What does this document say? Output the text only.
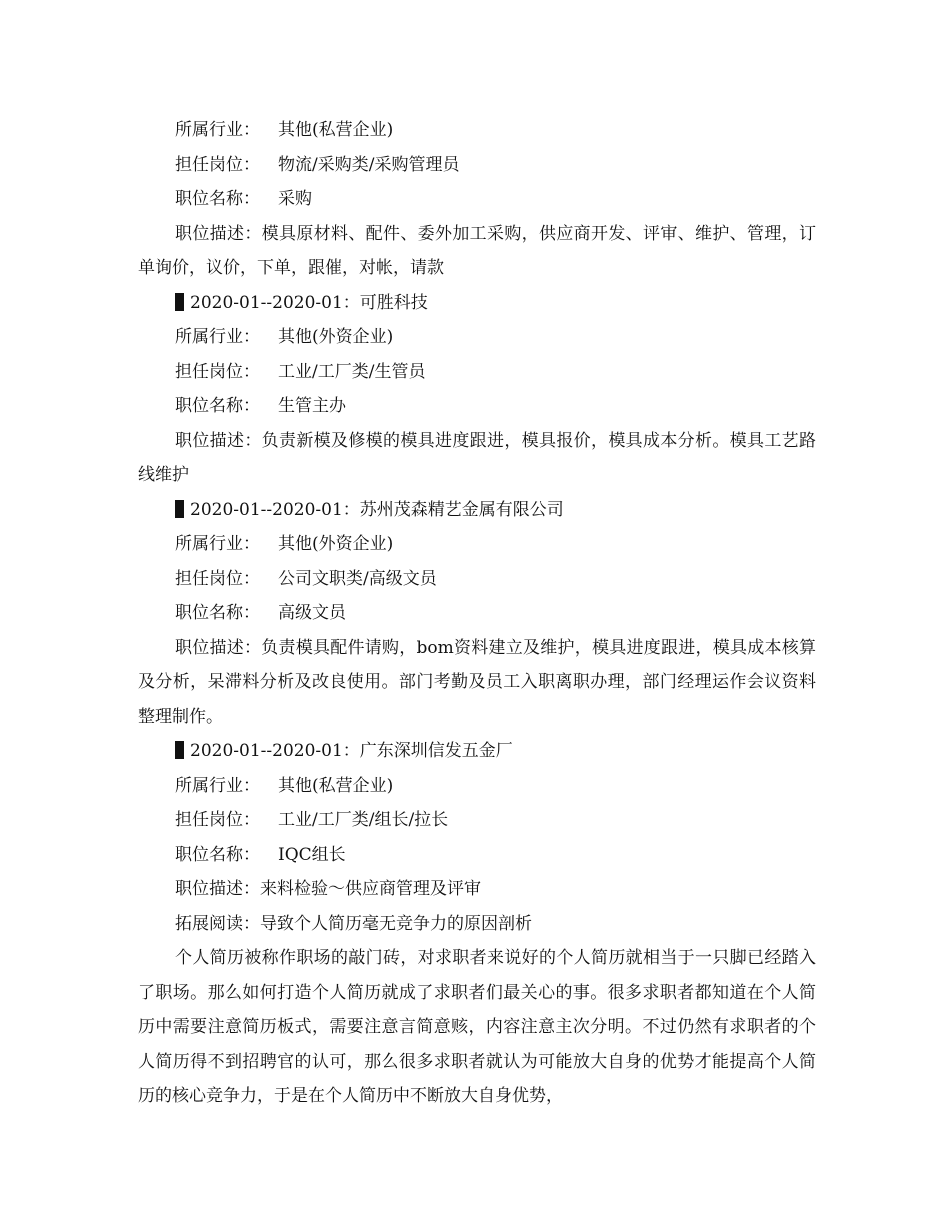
所属行业： 其他(私营企业)
担任岗位： 物流/采购类/采购管理员
职位名称： 采购

职位描述：模具原材料、配件、委外加工采购，供应商开发、评审、维护、管理，订单询价，议价，下单，跟催，对帐，请款

2020-01--2020-01：可胜科技
所属行业： 其他(外资企业)
担任岗位： 工业/工厂类/生管员
职位名称： 生管主办

职位描述：负责新模及修模的模具进度跟进，模具报价，模具成本分析。模具工艺路线维护

2020-01--2020-01：苏州茂森精艺金属有限公司
所属行业： 其他(外资企业)
担任岗位： 公司文职类/高级文员
职位名称： 高级文员

职位描述：负责模具配件请购，bom资料建立及维护，模具进度跟进，模具成本核算及分析，呆滞料分析及改良使用。部门考勤及员工入职离职办理，部门经理运作会议资料整理制作。

2020-01--2020-01：广东深圳信发五金厂
所属行业： 其他(私营企业)
担任岗位： 工业/工厂类/组长/拉长
职位名称： IQC组长

职位描述：来料检验～供应商管理及评审

拓展阅读：导致个人简历毫无竞争力的原因剖析

个人简历被称作职场的敲门砖，对求职者来说好的个人简历就相当于一只脚已经踏入了职场。那么如何打造个人简历就成了求职者们最关心的事。很多求职者都知道在个人简历中需要注意简历板式，需要注意言简意赅，内容注意主次分明。不过仍然有求职者的个人简历得不到招聘官的认可，那么很多求职者就认为可能放大自身的优势才能提高个人简历的核心竞争力，于是在个人简历中不断放大自身优势，
